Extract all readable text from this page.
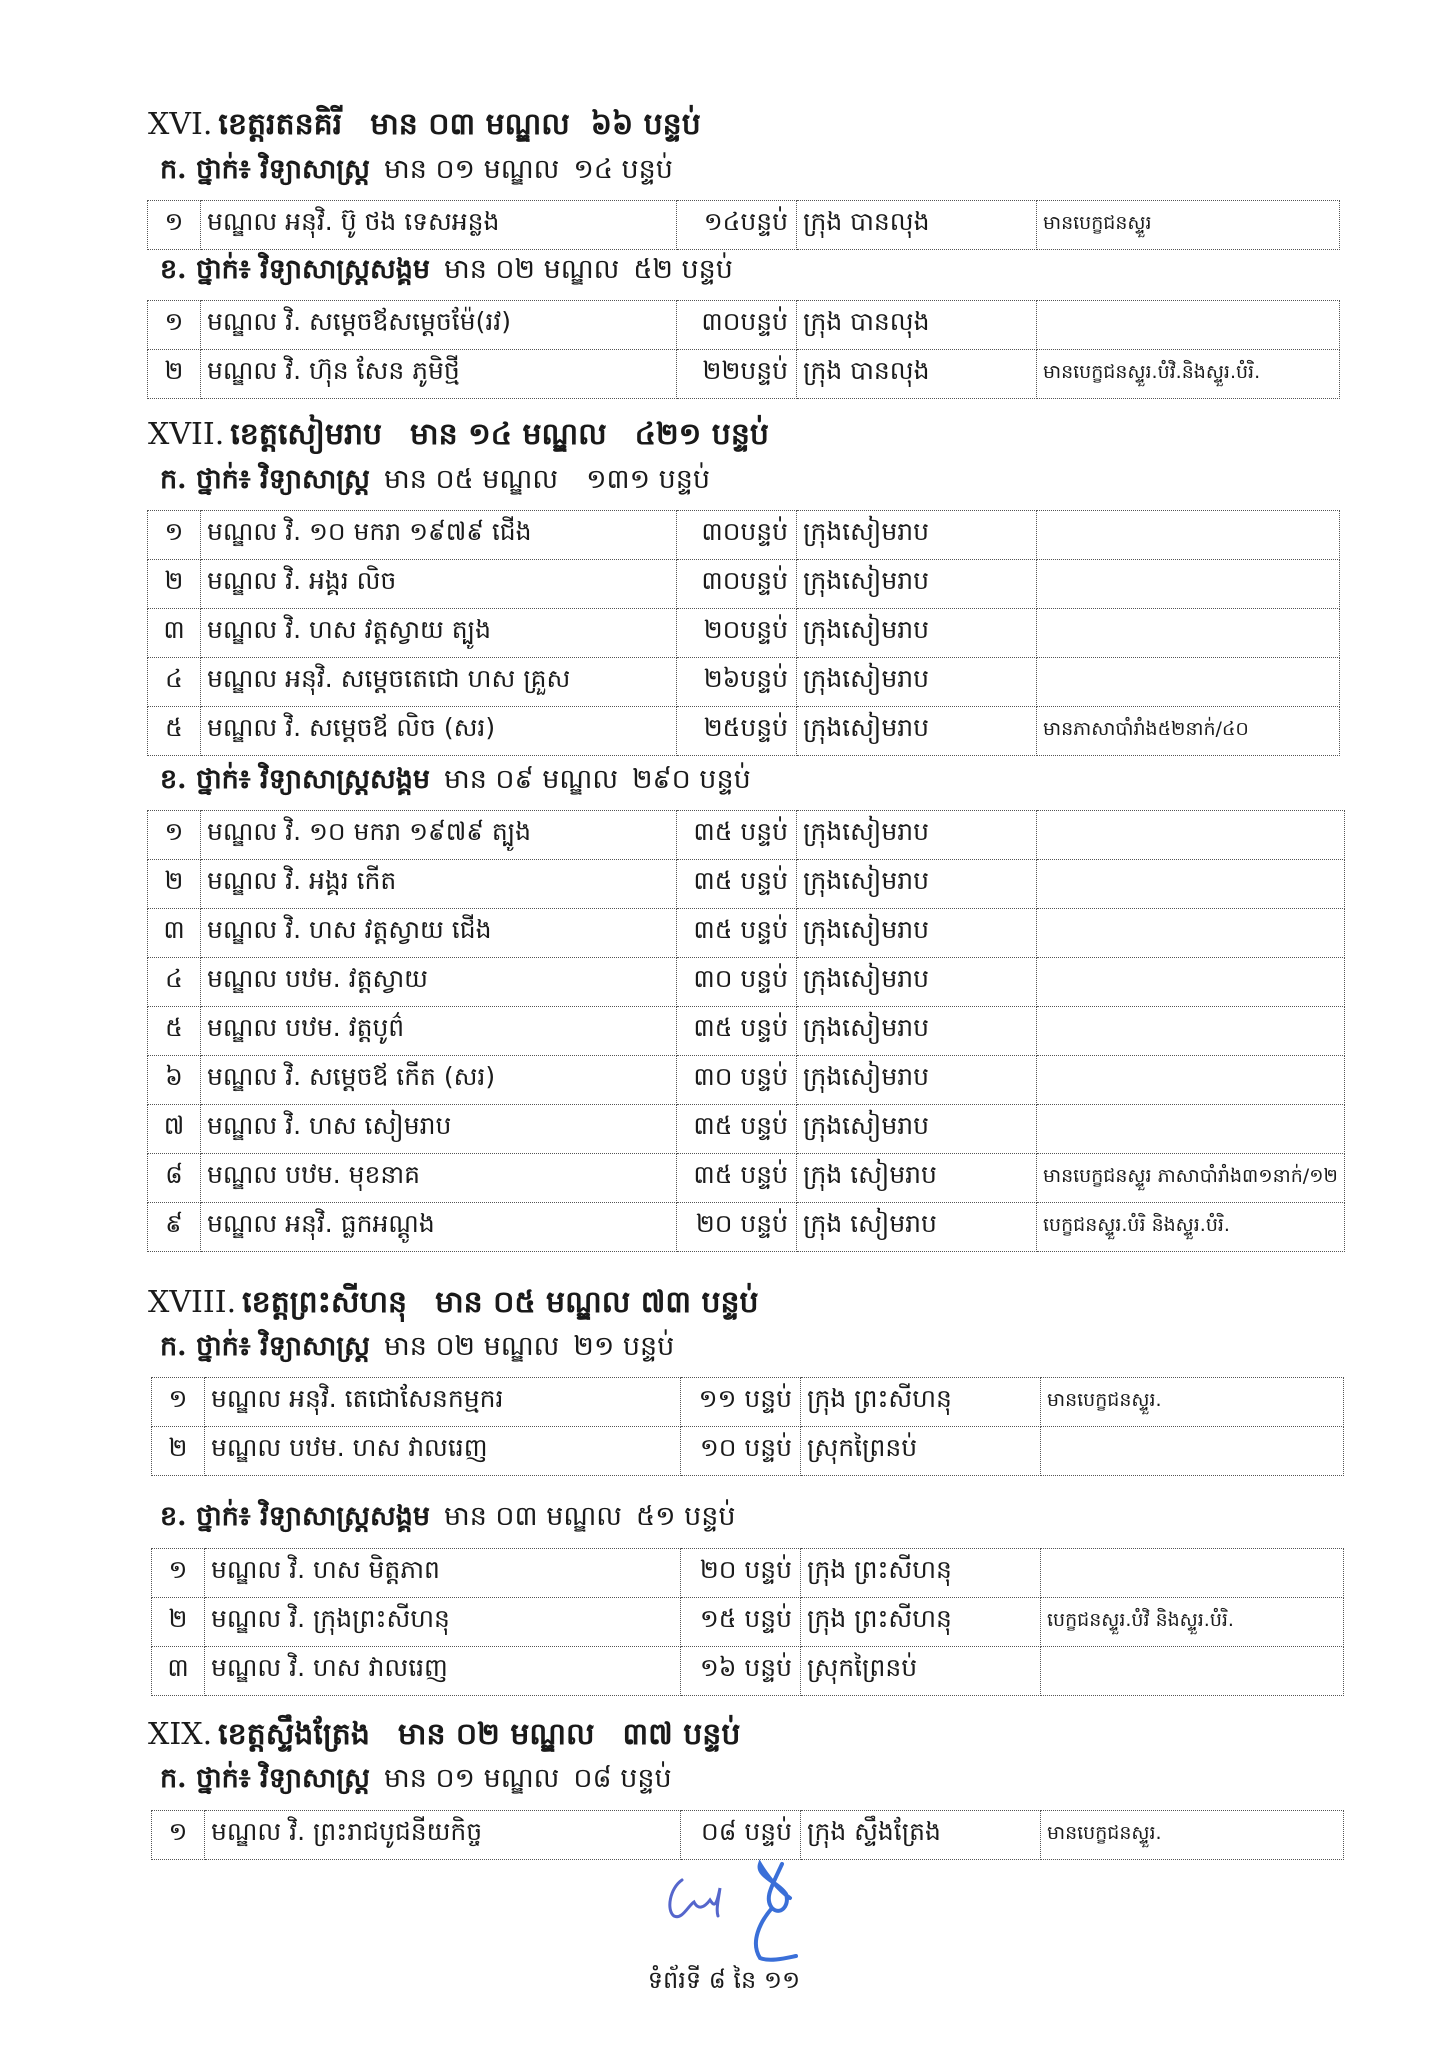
XVI. ខេត្តរតនគិរី មាន ០៣ មណ្ឌល ៦៦ បន្ទប់
ក. ថ្នាក់៖ វិទ្យាសាស្ត្រ មាន ០១ មណ្ឌល ១៤ បន្ទប់
១	មណ្ឌល អនុវិ. ប៊ូ ថង ទេសអន្លង	១៤បន្ទប់	ក្រុង បានលុង	មានបេក្ខជនស្ទួរ
ខ. ថ្នាក់៖ វិទ្យាសាស្ត្រសង្គម មាន ០២ មណ្ឌល ៥២ បន្ទប់
១	មណ្ឌល វិ. សម្តេចឪសម្តេចម៉ែ(រវ)	៣០បន្ទប់	ក្រុង បានលុង	
២	មណ្ឌល វិ. ហ៊ុន សែន ភូមិថ្មី	២២បន្ទប់	ក្រុង បានលុង	មានបេក្ខជនស្ទួរ.បំវិ.និងស្ទួរ.បំរិ.
XVII. ខេត្តសៀមរាប មាន ១៤ មណ្ឌល ៤២១ បន្ទប់
ក. ថ្នាក់៖ វិទ្យាសាស្ត្រ មាន ០៥ មណ្ឌល ១៣១ បន្ទប់
១	មណ្ឌល វិ. ១០ មករា ១៩៧៩ ជើង	៣០បន្ទប់	ក្រុងសៀមរាប	
២	មណ្ឌល វិ. អង្គរ លិច	៣០បន្ទប់	ក្រុងសៀមរាប	
៣	មណ្ឌល វិ. ហស វត្តស្វាយ ត្បូង	២០បន្ទប់	ក្រុងសៀមរាប	
៤	មណ្ឌល អនុវិ. សម្តេចតេជោ ហស គ្រួស	២៦បន្ទប់	ក្រុងសៀមរាប	
៥	មណ្ឌល វិ. សម្តេចឪ លិច (សរ)	២៥បន្ទប់	ក្រុងសៀមរាប	មានភាសាបាំរាំង៥២នាក់/៤០
ខ. ថ្នាក់៖ វិទ្យាសាស្ត្រសង្គម មាន ០៩ មណ្ឌល ២៩០ បន្ទប់
១	មណ្ឌល វិ. ១០ មករា ១៩៧៩ ត្បូង	៣៥ បន្ទប់	ក្រុងសៀមរាប	
២	មណ្ឌល វិ. អង្គរ កើត	៣៥ បន្ទប់	ក្រុងសៀមរាប	
៣	មណ្ឌល វិ. ហស វត្តស្វាយ ជើង	៣៥ បន្ទប់	ក្រុងសៀមរាប	
៤	មណ្ឌល បឋម. វត្តស្វាយ	៣០ បន្ទប់	ក្រុងសៀមរាប	
៥	មណ្ឌល បឋម. វត្តបូព៌	៣៥ បន្ទប់	ក្រុងសៀមរាប	
៦	មណ្ឌល វិ. សម្តេចឪ កើត (សរ)	៣០ បន្ទប់	ក្រុងសៀមរាប	
៧	មណ្ឌល វិ. ហស សៀមរាប	៣៥ បន្ទប់	ក្រុងសៀមរាប	
៨	មណ្ឌល បឋម. មុខនាគ	៣៥ បន្ទប់	ក្រុង សៀមរាប	មានបេក្ខជនស្ទួរ ភាសាបាំរាំង៣១នាក់/១២
៩	មណ្ឌល អនុវិ. ធ្លកអណ្តូង	២០ បន្ទប់	ក្រុង សៀមរាប	បេក្ខជនស្ទួរ.បំរិ និងស្ទួរ.បំរិ.
XVIII. ខេត្តព្រះសីហនុ មាន ០៥ មណ្ឌល ៧៣ បន្ទប់
ក. ថ្នាក់៖ វិទ្យាសាស្ត្រ មាន ០២ មណ្ឌល ២១ បន្ទប់
១	មណ្ឌល អនុវិ. តេជោសែនកម្មករ	១១ បន្ទប់	ក្រុង ព្រះសីហនុ	មានបេក្ខជនស្ទួរ.
២	មណ្ឌល បឋម. ហស វាលរេញ	១០ បន្ទប់	ស្រុកព្រៃនប់	
ខ. ថ្នាក់៖ វិទ្យាសាស្ត្រសង្គម មាន ០៣ មណ្ឌល ៥១ បន្ទប់
១	មណ្ឌល វិ. ហស មិត្តភាព	២០ បន្ទប់	ក្រុង ព្រះសីហនុ	
២	មណ្ឌល វិ. ក្រុងព្រះសីហនុ	១៥ បន្ទប់	ក្រុង ព្រះសីហនុ	បេក្ខជនស្ទួរ.បំវិ និងស្ទួរ.បំរិ.
៣	មណ្ឌល វិ. ហស វាលរេញ	១៦ បន្ទប់	ស្រុកព្រៃនប់	
XIX. ខេត្តស្ទឹងត្រែង មាន ០២ មណ្ឌល ៣៧ បន្ទប់
ក. ថ្នាក់៖ វិទ្យាសាស្ត្រ មាន ០១ មណ្ឌល ០៨ បន្ទប់
១	មណ្ឌល វិ. ព្រះរាជបូជនីយកិច្ច	០៨ បន្ទប់	ក្រុង ស្ទឹងត្រែង	មានបេក្ខជនស្ទួរ.
ទំព័រទី ៨ នៃ ១១
